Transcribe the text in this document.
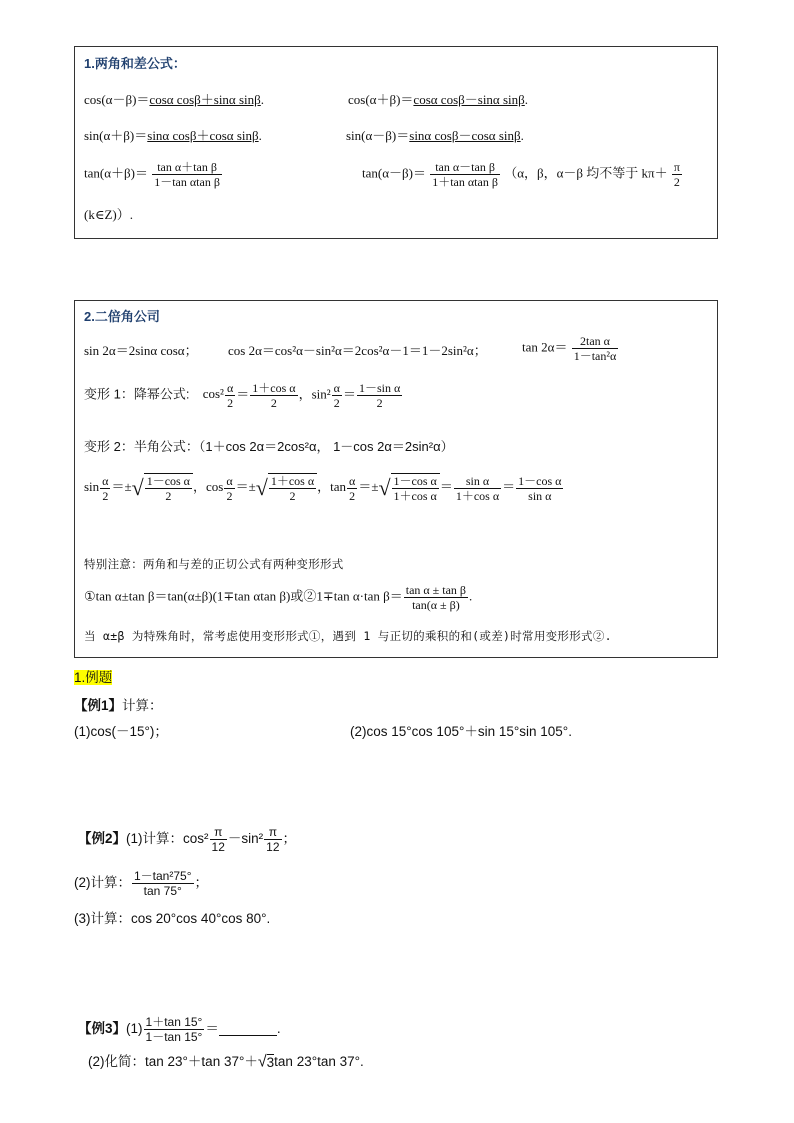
1.两角和差公式：
cos(α－β)＝cosα cosβ＋sinα sinβ.	cos(α＋β)＝cosα cosβ－sinα sinβ.
sin(α＋β)＝sinα cosβ＋cosα sinβ.	sin(α－β)＝sinα cosβ－cosα sinβ.
$\tan(\alpha+\beta)= \frac{\text{tan α＋tan β}}{\text{1－tan αtan β}}$	$\tan(\alpha-\beta)= \frac{\text{tan α－tan β}}{\text{1＋tan αtan β}} (\alpha$，β，α－β 均不等于 $k\pi+ \frac{\pi}{2}$
(k∈Z)）.
2.二倍角公司
sin 2α＝2sinα cosα； cos 2α＝cos²α－sin²α＝2cos²α－1＝1－2sin²α；	$\tan 2\alpha= \frac{\text{2tan α}}{\text{1－tan²α}}$
变形 1：降幂公式: $\cos^2 \frac{\alpha}{2} = \frac{\text{1＋cos α}}{2}$ ，$\sin^2 \frac{\alpha}{2} = \frac{\text{1－sin α}}{2}$
变形 2：半角公式：（1＋cos 2α＝2cos²α， 1－cos 2α＝2sin²α）
$\sin \frac{\alpha}{2}$ ＝±√ $\frac{\text{1－cos α}}{2}$ ，$\cos \frac{\alpha}{2}$ ＝±√ $\frac{\text{1＋cos α}}{2}$ ，$\tan \frac{\alpha}{2}$ ＝±√ $\frac{\text{1－cos α}}{\text{1＋cos α}} = \frac{\text{sin α}}{\text{1＋cos α}} = \frac{\text{1－cos α}}{\text{sin α}}$
特别注意：两角和与差的正切公式有两种变形形式
①tan α±tan β＝tan(α±β)(1∓tan αtan β)或②1∓tan α·tan $\beta= \frac{\text{tan α ± tan β}}{\tan(\alpha \pm \beta)}$ .
当 α±β 为特殊角时，常考虑使用变形形式①，遇到 1 与正切的乘积的和(或差)时常用变形形式②.
1.例题
【例1】计算：
(1)cos(－15°)；	(2)cos 15°cos 105°＋sin 15°sin 105°.
【例2】(1)计算：$\cos^2 \frac{\pi}{12} -\sin^2 \frac{\pi}{12}$ ；
(2)计算： $\frac{\text{1－tan²75°}}{\tan 75^\circ}$ ；
(3)计算：cos 20°cos 40°cos 80°.
【例3】$(1) \frac{1+\tan 15^\circ}{1-\tan 15^\circ}$ ＝	.
(2)化简：tan 23°＋tan 37°＋√3tan 23°tan 37°.
